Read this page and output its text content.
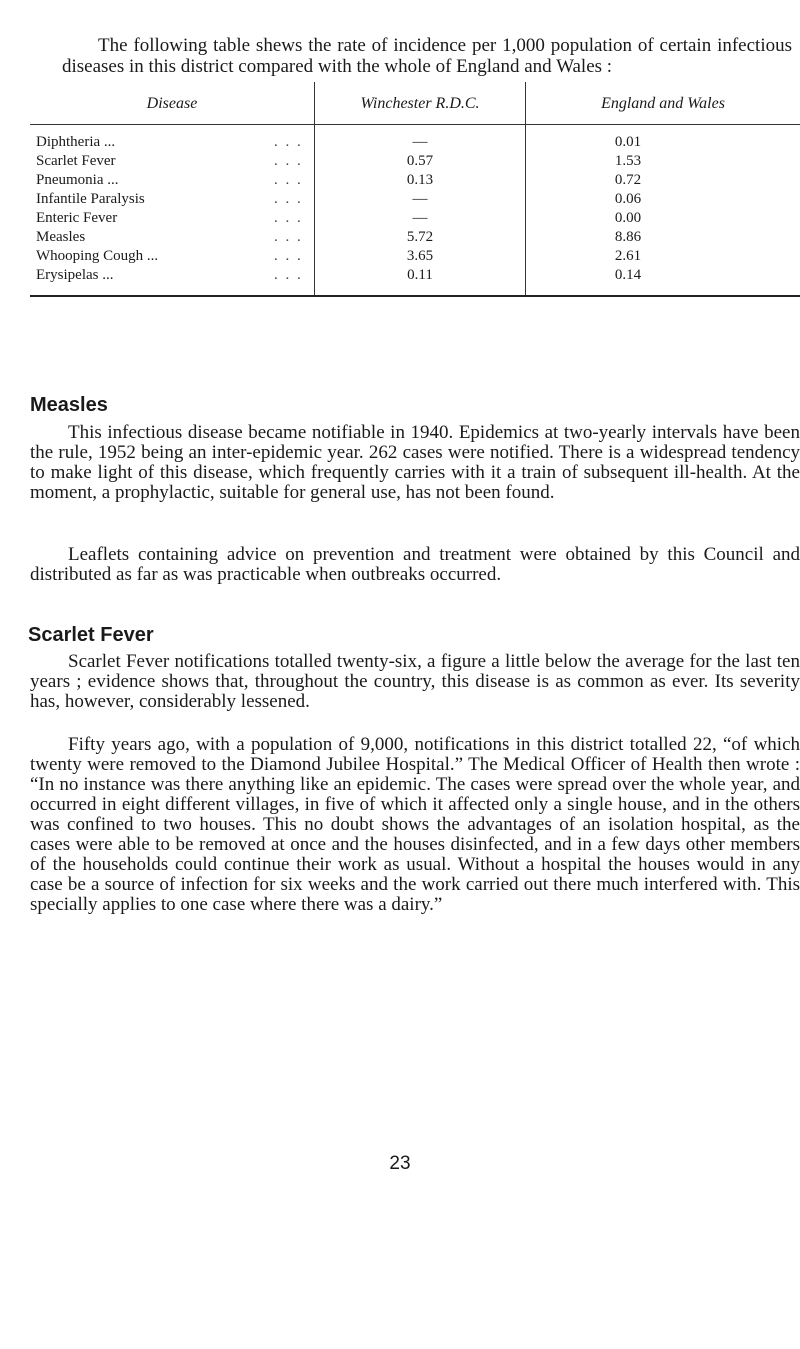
The following table shews the rate of incidence per 1,000 population of certain infectious diseases in this district compared with the whole of England and Wales :

Disease		Winchester R.D.C.	England and Wales
Diphtheria ...	. . .	—	0.01
Scarlet Fever	. . .	0.57	1.53
Pneumonia ...	. . .	0.13	0.72
Infantile Paralysis	. . .	—	0.06
Enteric Fever	. . .	—	0.00
Measles	. . .	5.72	8.86
Whooping Cough ...	. . .	3.65	2.61
Erysipelas ...	. . .	0.11	0.14
Measles

This infectious disease became notifiable in 1940. Epidemics at two-yearly intervals have been the rule, 1952 being an inter-epidemic year. 262 cases were notified. There is a widespread tendency to make light of this disease, which frequently carries with it a train of subsequent ill-health. At the moment, a prophylactic, suitable for general use, has not been found.

Leaflets containing advice on prevention and treatment were obtained by this Council and distributed as far as was practicable when outbreaks occurred.

Scarlet Fever

Scarlet Fever notifications totalled twenty-six, a figure a little below the average for the last ten years ; evidence shows that, throughout the country, this disease is as common as ever. Its severity has, however, considerably lessened.

Fifty years ago, with a population of 9,000, notifications in this district totalled 22, “of which twenty were removed to the Diamond Jubilee Hospital.” The Medical Officer of Health then wrote : “In no instance was there anything like an epidemic. The cases were spread over the whole year, and occurred in eight different villages, in five of which it affected only a single house, and in the others was confined to two houses. This no doubt shows the advantages of an isolation hospital, as the cases were able to be removed at once and the houses disinfected, and in a few days other members of the households could continue their work as usual. Without a hospital the houses would in any case be a source of infection for six weeks and the work carried out there much interfered with. This specially applies to one case where there was a dairy.”

23
